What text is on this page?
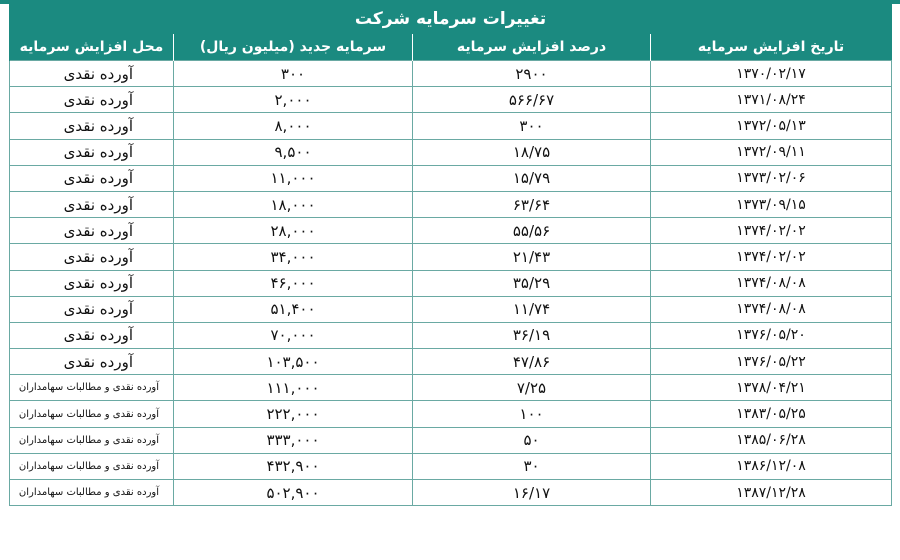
تغییرات سرمایه شرکت			
تاریخ افزایش سرمایه	درصد افزایش سرمایه	سرمایه جدید (میلیون ریال)	محل افزایش سرمایه
۱۳۷۰/۰۲/۱۷	۲۹۰۰	۳۰۰	آورده نقدی
۱۳۷۱/۰۸/۲۴	۵۶۶/۶۷	۲,۰۰۰	آورده نقدی
۱۳۷۲/۰۵/۱۳	۳۰۰	۸,۰۰۰	آورده نقدی
۱۳۷۲/۰۹/۱۱	۱۸/۷۵	۹,۵۰۰	آورده نقدی
۱۳۷۳/۰۲/۰۶	۱۵/۷۹	۱۱,۰۰۰	آورده نقدی
۱۳۷۳/۰۹/۱۵	۶۳/۶۴	۱۸,۰۰۰	آورده نقدی
۱۳۷۴/۰۲/۰۲	۵۵/۵۶	۲۸,۰۰۰	آورده نقدی
۱۳۷۴/۰۲/۰۲	۲۱/۴۳	۳۴,۰۰۰	آورده نقدی
۱۳۷۴/۰۸/۰۸	۳۵/۲۹	۴۶,۰۰۰	آورده نقدی
۱۳۷۴/۰۸/۰۸	۱۱/۷۴	۵۱,۴۰۰	آورده نقدی
۱۳۷۶/۰۵/۲۰	۳۶/۱۹	۷۰,۰۰۰	آورده نقدی
۱۳۷۶/۰۵/۲۲	۴۷/۸۶	۱۰۳,۵۰۰	آورده نقدی
۱۳۷۸/۰۴/۲۱	۷/۲۵	۱۱۱,۰۰۰	آورده نقدی و مطالبات سهامداران
۱۳۸۳/۰۵/۲۵	۱۰۰	۲۲۲,۰۰۰	آورده نقدی و مطالبات سهامداران
۱۳۸۵/۰۶/۲۸	۵۰	۳۳۳,۰۰۰	آورده نقدی و مطالبات سهامداران
۱۳۸۶/۱۲/۰۸	۳۰	۴۳۲,۹۰۰	آورده نقدی و مطالبات سهامداران
۱۳۸۷/۱۲/۲۸	۱۶/۱۷	۵۰۲,۹۰۰	آورده نقدی و مطالبات سهامداران
